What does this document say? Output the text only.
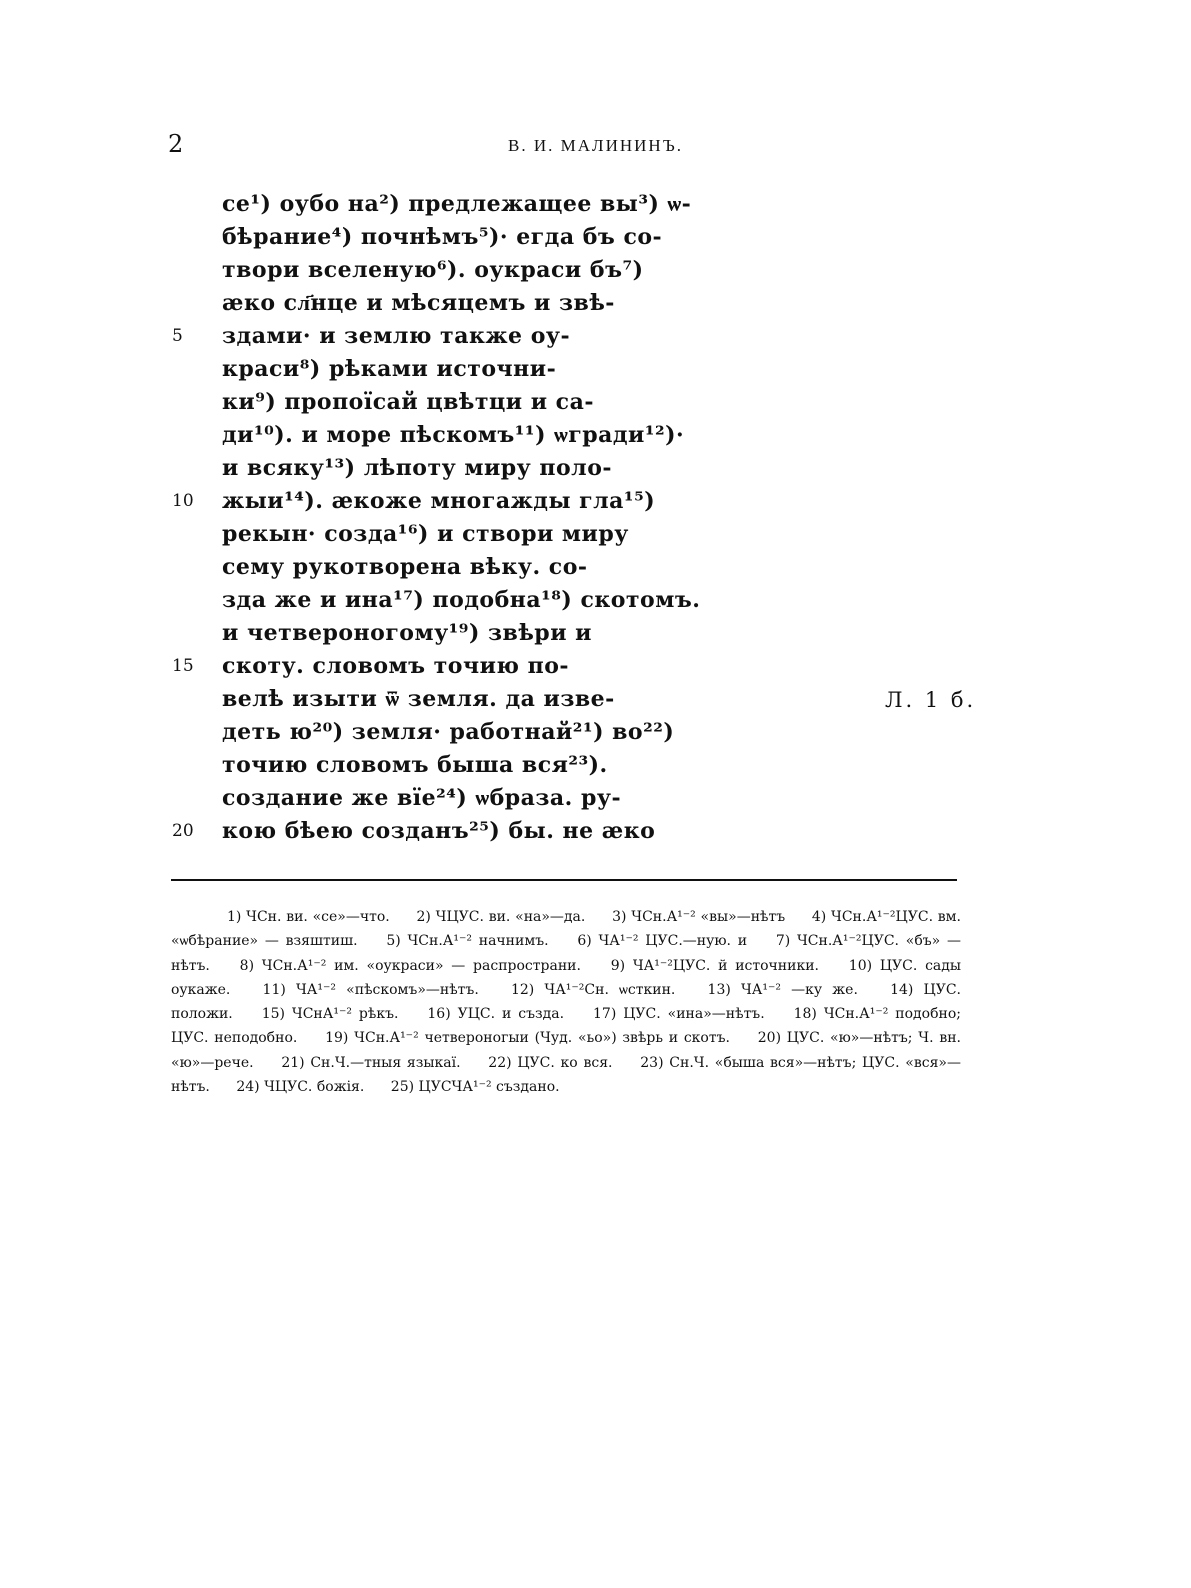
2	В. И. МАЛИНИНЪ.
се¹) оубо на²) предлежащее вы³) ѡ-
бѣрание⁴) почнѣмъ⁵)· егда бъ со-
твори вселеную⁶). оукраси бъ⁷)
ӕко сл҃нце и мѣсяцемъ и звѣ-
здами· и землю также оу-
краси⁸) рѣками источни-
ки⁹) пропоїсай цвѣтци и са-
ди¹⁰). и море пѣскомъ¹¹) ѡгради¹²)·
и всяку¹³) лѣпоту миру поло-
жыи¹⁴). ӕкоже многажды гла¹⁵)
рекын· созда¹⁶) и створи миру
сему рукотворена вѣку. со-
зда же и ина¹⁷) подобна¹⁸) скотомъ.
и четвероногому¹⁹) звѣри и
скоту. словомъ точию по-
велѣ изыти ѿ земля. да изве-
деть ю²⁰) земля· работнай²¹) во²²)
точию словомъ быша вся²³).
создание же вїе²⁴) ѡбраза. ру-
кою бѣею созданъ²⁵) бы. не ӕко
5
10
15
20
Л. 1 б.
1) ЧСн. ви. «се»—что. 2) ЧЦУС. ви. «на»—да. 3) ЧСн.А¹⁻² «вы»—нѣтъ 4) ЧСн.А¹⁻²ЦУС. вм. «ѡбѣрание» — взяштиш. 5) ЧСн.А¹⁻² начнимъ. 6) ЧА¹⁻² ЦУС.—ную. и 7) ЧСн.А¹⁻²ЦУС. «бъ» — нѣтъ. 8) ЧСн.А¹⁻² им. «оукраси» — распространи. 9) ЧА¹⁻²ЦУС. й источники. 10) ЦУС. сады оукаже. 11) ЧА¹⁻² «пѣскомъ»—нѣтъ. 12) ЧА¹⁻²Сн. ѡсткин. 13) ЧА¹⁻² —ку же. 14) ЦУС. положи. 15) ЧСнА¹⁻² рѣкъ. 16) УЦС. и създа. 17) ЦУС. «ина»—нѣтъ. 18) ЧСн.А¹⁻² подобно; ЦУС. неподобно. 19) ЧСн.А¹⁻² четвероногыи (Чуд. «ьо») звѣрь и скотъ. 20) ЦУС. «ю»—нѣтъ; Ч. вн. «ю»—рече. 21) Сн.Ч.—тныя языкаї. 22) ЦУС. ко вся. 23) Сн.Ч. «быша вся»—нѣтъ; ЦУС. «вся»—нѣтъ. 24) ЧЦУС. божія. 25) ЦУСЧА¹⁻² създано.
